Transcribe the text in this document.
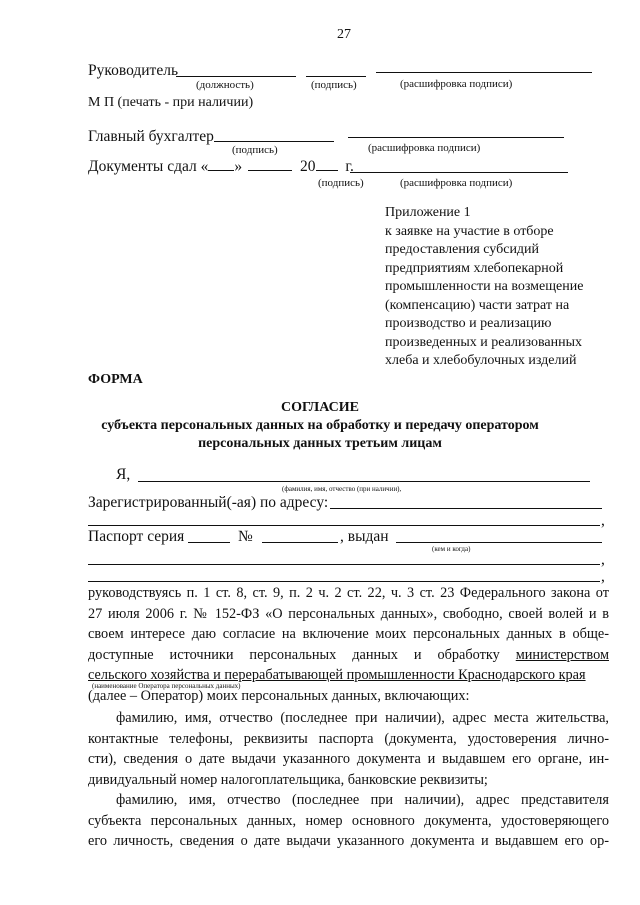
27
Руководитель
(должность)	(подпись)	(расшифровка подписи)
М П (печать - при наличии)
Главный бухгалтер
(подпись)	(расшифровка подписи)
Документы сдал « »	20 г.
(подпись)	(расшифровка подписи)
Приложение 1
к заявке на участие в отборе
предоставления субсидий
предприятиям хлебопекарной
промышленности на возмещение
(компенсацию) части затрат на
производство и реализацию
произведенных и реализованных
хлеба и хлебобулочных изделий
ФОРМА
СОГЛАСИЕ
субъекта персональных данных на обработку и передачу оператором
персональных данных третьим лицам
Я,
(фамилия, имя, отчество (при наличии),
Зарегистрированный(-ая) по адресу:
,
Паспорт серия	№	, выдан
(кем и когда)
,
,
руководствуясь п. 1 ст. 8, ст. 9, п. 2 ч. 2 ст. 22, ч. 3 ст. 23 Федерального закона от
27 июля 2006 г. № 152-ФЗ «О персональных данных», свободно, своей волей и в
своем интересе даю согласие на включение моих персональных данных в обще-
доступные источники персональных данных и обработку министерством
сельского хозяйства и перерабатывающей промышленности Краснодарского края
(наименование Оператора персональных данных)
(далее – Оператор) моих персональных данных, включающих:
фамилию, имя, отчество (последнее при наличии), адрес места жительства,
контактные телефоны, реквизиты паспорта (документа, удостоверения личнo-
сти), сведения о дате выдачи указанного документа и выдавшем его органе, ин-
дивидуальный номер налогоплательщика, банковские реквизиты;
фамилию, имя, отчество (последнее при наличии), адрес представителя
субъекта персональных данных, номер основного документа, удостоверяющего
его личность, сведения о дате выдачи указанного документа и выдавшем его ор-
